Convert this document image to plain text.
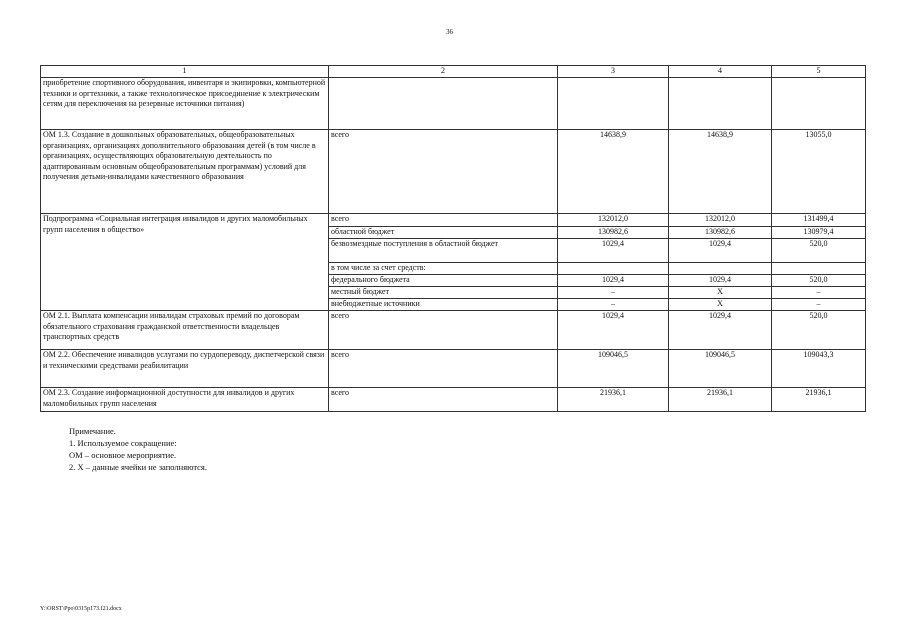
36
1	2	3	4	5
приобретение спортивного оборудования, инвентаря и экипировки, компьютерной техники и оргтехники, а также технологическое присоединение к электрическим сетям для переключения на резервные источники питания)				
ОМ 1.3. Создание в дошкольных образовательных, общеобразовательных организациях, организациях дополнительного образования детей (в том числе в организациях, осуществляющих образовательную деятельность по адаптированным основным общеобразовательным программам) условий для получения детьми-инвалидами качественного образования	всего	14638,9	14638,9	13055,0
Подпрограмма «Социальная интеграция инвалидов и других маломобильных групп населения в общество»	всего	132012,0	132012,0	131499,4
	областной бюджет	130982,6	130982,6	130979,4
	безвозмездные поступления в областной бюджет	1029,4	1029,4	520,0
	в том числе за счет средств:			
	федерального бюджета	1029,4	1029,4	520,0
	местный бюджет	–	Х	–
	внебюджетные источники	–	Х	–
ОМ 2.1. Выплата компенсации инвалидам страховых премий по договорам обязательного страхования гражданской ответственности владельцев транспортных средств	всего	1029,4	1029,4	520,0
ОМ 2.2. Обеспечение инвалидов услугами по сурдопереводу, диспетчерской связи и техническими средствами реабилитации	всего	109046,5	109046,5	109043,3
ОМ 2.3. Создание информационной доступности для инвалидов и других маломобильных групп населения	всего	21936,1	21936,1	21936,1
Примечание.
1. Используемое сокращение:
ОМ – основное мероприятие.
2. Х – данные ячейки не заполняются.
Y:\ORST\Ppo\0315p173.f21.docx
